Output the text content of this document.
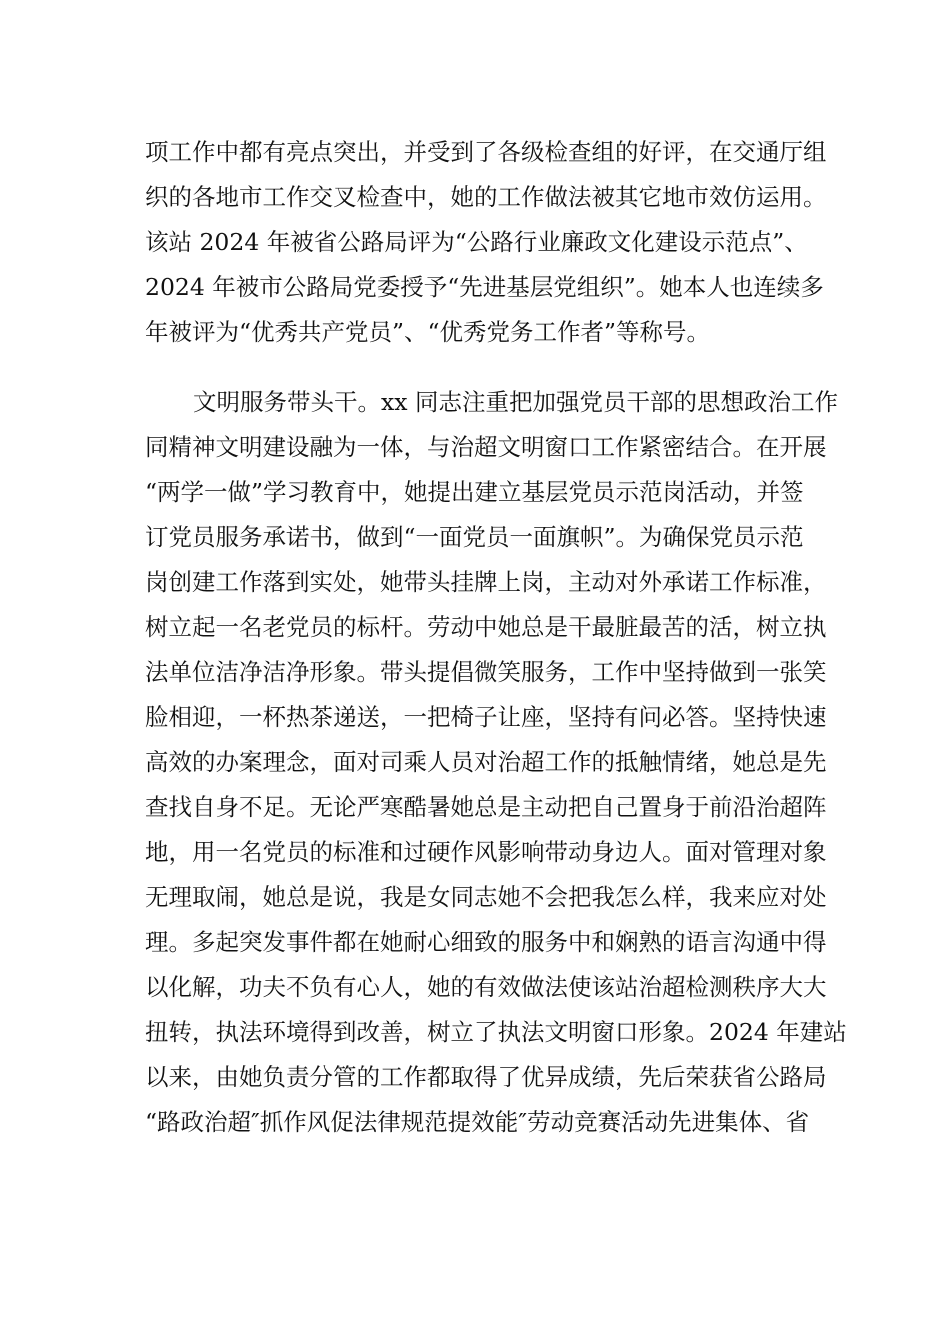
项工作中都有亮点突出，并受到了各级检查组的好评，在交通厅组

织的各地市工作交叉检查中，她的工作做法被其它地市效仿运用。

该站 2024 年被省公路局评为“公路行业廉政文化建设示范点”、

2024 年被市公路局党委授予“先进基层党组织”。她本人也连续多

年被评为“优秀共产党员”、“优秀党务工作者”等称号。

文明服务带头干。xx 同志注重把加强党员干部的思想政治工作

同精神文明建设融为一体，与治超文明窗口工作紧密结合。在开展

“两学一做”学习教育中，她提出建立基层党员示范岗活动，并签

订党员服务承诺书，做到“一面党员一面旗帜”。为确保党员示范

岗创建工作落到实处，她带头挂牌上岗，主动对外承诺工作标准，

树立起一名老党员的标杆。劳动中她总是干最脏最苦的活，树立执

法单位洁净洁净形象。带头提倡微笑服务，工作中坚持做到一张笑

脸相迎，一杯热茶递送，一把椅子让座，坚持有问必答。坚持快速

高效的办案理念，面对司乘人员对治超工作的抵触情绪，她总是先

查找自身不足。无论严寒酷暑她总是主动把自己置身于前沿治超阵

地，用一名党员的标准和过硬作风影响带动身边人。面对管理对象

无理取闹，她总是说，我是女同志她不会把我怎么样，我来应对处

理。多起突发事件都在她耐心细致的服务中和娴熟的语言沟通中得

以化解，功夫不负有心人，她的有效做法使该站治超检测秩序大大

扭转，执法环境得到改善，树立了执法文明窗口形象。2024 年建站

以来，由她负责分管的工作都取得了优异成绩，先后荣获省公路局

“路政治超″抓作风促法律规范提效能″劳动竞赛活动先进集体、省
